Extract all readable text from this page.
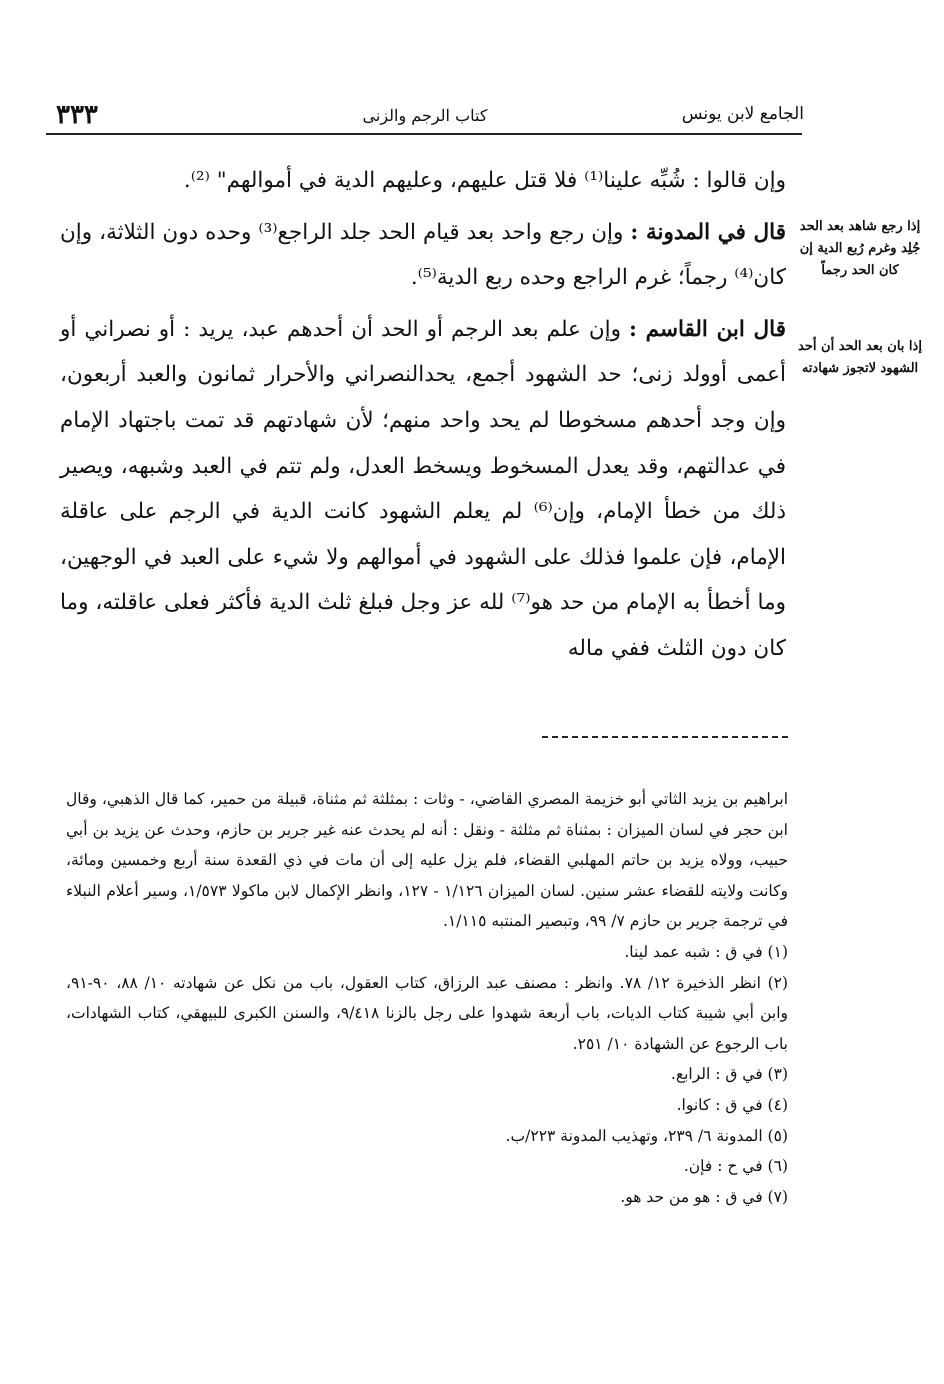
الجامع لابن يونس
كتاب الرجم والزنى
٣٣٣

وإن قالوا : شُبِّه علينا⁽¹⁾ فلا قتل عليهم، وعليهم الدية في أموالهم" ⁽²⁾.

قال في المدونة : وإن رجع واحد بعد قيام الحد جلد الراجع⁽³⁾ وحده دون الثلاثة، وإن كان⁽⁴⁾ رجماً؛ غرم الراجع وحده ربع الدية⁽⁵⁾.

قال ابن القاسم : وإن علم بعد الرجم أو الحد أن أحدهم عبد، يريد : أو نصراني أو أعمى أوولد زنى؛ حد الشهود أجمع، يحدالنصراني والأحرار ثمانون والعبد أربعون، وإن وجد أحدهم مسخوطا لم يحد واحد منهم؛ لأن شهادتهم قد تمت باجتهاد الإمام في عدالتهم، وقد يعدل المسخوط ويسخط العدل، ولم تتم في العبد وشبهه، ويصير ذلك من خطأ الإمام، وإن⁽⁶⁾ لم يعلم الشهود كانت الدية في الرجم على عاقلة الإمام، فإن علموا فذلك على الشهود في أموالهم ولا شيء على العبد في الوجهين، وما أخطأ به الإمام من حد هو⁽⁷⁾ لله عز وجل فبلغ ثلث الدية فأكثر فعلى عاقلته، وما كان دون الثلث ففي ماله

إذا رجع شاهد بعد الحد جُلِد وغرم رُبع الدية إن كان الحد رجماً
إذا بان بعد الحد أن أحد الشهود لاتجوز شهادته

ابراهيم بن يزيد الثاتي أبو خزيمة المصري القاضي، - وثات : بمثلثة ثم مثناة، قبيلة من حمير، كما قال الذهبي، وقال ابن حجر في لسان الميزان : بمثناة ثم مثلثة - ونقل : أنه لم يحدث عنه غير جرير بن حازم، وحدث عن يزيد بن أبي حبيب، وولاه يزيد بن حاتم المهلبي القضاء، فلم يزل عليه إلى أن مات في ذي القعدة سنة أربع وخمسين ومائة، وكانت ولايته للقضاء عشر سنين. لسان الميزان ١/١٢٦ - ١٢٧، وانظر الإكمال لابن ماكولا ١/٥٧٣، وسير أعلام النبلاء في ترجمة جرير بن حازم ٧/ ٩٩، وتبصير المنتبه ١/١١٥.

(١) في ق : شبه عمد لينا.

(٢) انظر الذخيرة ١٢/ ٧٨. وانظر : مصنف عبد الرزاق، كتاب العقول، باب من نكل عن شهادته ١٠/ ٨٨، ٩٠-٩١، وابن أبي شيبة كتاب الديات، باب أربعة شهدوا على رجل بالزنا ٩/٤١٨، والسنن الكبرى للبيهقي، كتاب الشهادات، باب الرجوع عن الشهادة ١٠/ ٢٥١.

(٣) في ق : الرابع.

(٤) في ق : كانوا.

(٥) المدونة ٦/ ٢٣٩، وتهذيب المدونة ٢٢٣/ب.

(٦) في ح : فإن.

(٧) في ق : هو من حد هو.
